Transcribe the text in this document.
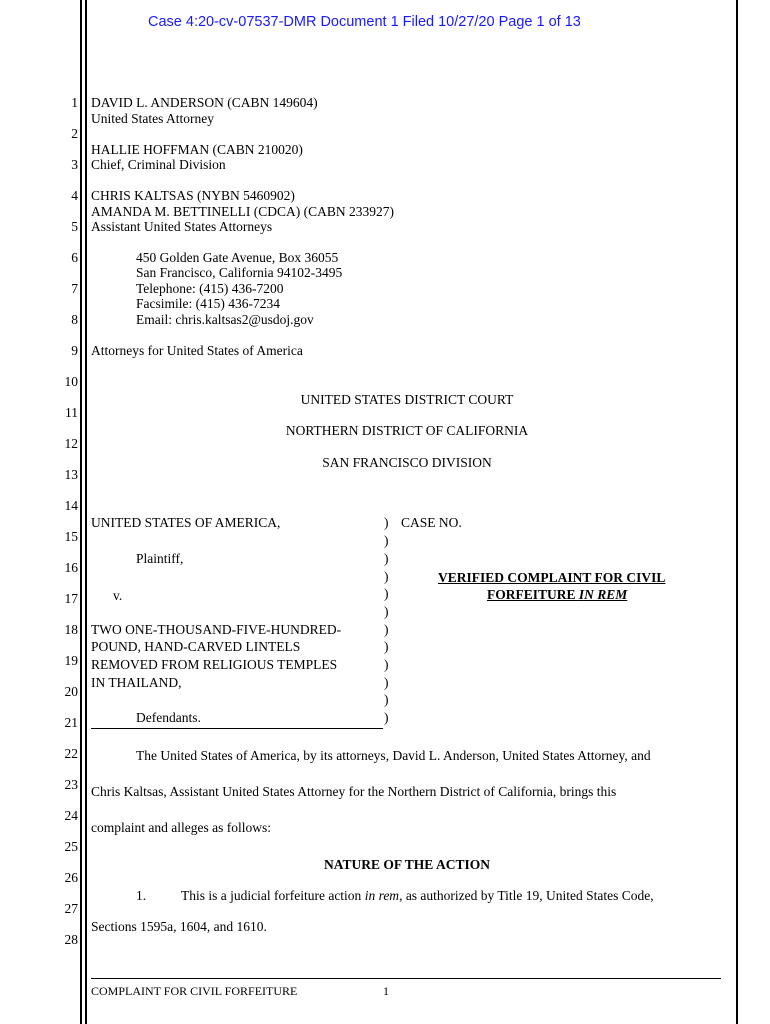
Case 4:20-cv-07537-DMR Document 1 Filed 10/27/20 Page 1 of 13
1
2
3
4
5
6
7
8
9
10
11
12
13
14
15
16
17
18
19
20
21
22
23
24
25
26
27
28
DAVID L. ANDERSON (CABN 149604)
United States Attorney
HALLIE HOFFMAN (CABN 210020)
Chief, Criminal Division
CHRIS KALTSAS (NYBN 5460902)
AMANDA M. BETTINELLI (CDCA) (CABN 233927)
Assistant United States Attorneys
450 Golden Gate Avenue, Box 36055
San Francisco, California 94102-3495
Telephone: (415) 436-7200
Facsimile: (415) 436-7234
Email: chris.kaltsas2@usdoj.gov
Attorneys for United States of America
UNITED STATES DISTRICT COURT
NORTHERN DISTRICT OF CALIFORNIA
SAN FRANCISCO DIVISION
UNITED STATES OF AMERICA,
Plaintiff,
v.
TWO ONE-THOUSAND-FIVE-HUNDRED-
POUND, HAND-CARVED LINTELS
REMOVED FROM RELIGIOUS TEMPLES
IN THAILAND,
Defendants.
)
)
)
)
)
)
)
)
)
)
)
)
CASE NO.
VERIFIED COMPLAINT FOR CIVIL
FORFEITURE IN REM
The United States of America, by its attorneys, David L. Anderson, United States Attorney, and
Chris Kaltsas, Assistant United States Attorney for the Northern District of California, brings this
complaint and alleges as follows:
NATURE OF THE ACTION
1.	This is a judicial forfeiture action in rem, as authorized by Title 19, United States Code,
Sections 1595a, 1604, and 1610.
COMPLAINT FOR CIVIL FORFEITURE	1
